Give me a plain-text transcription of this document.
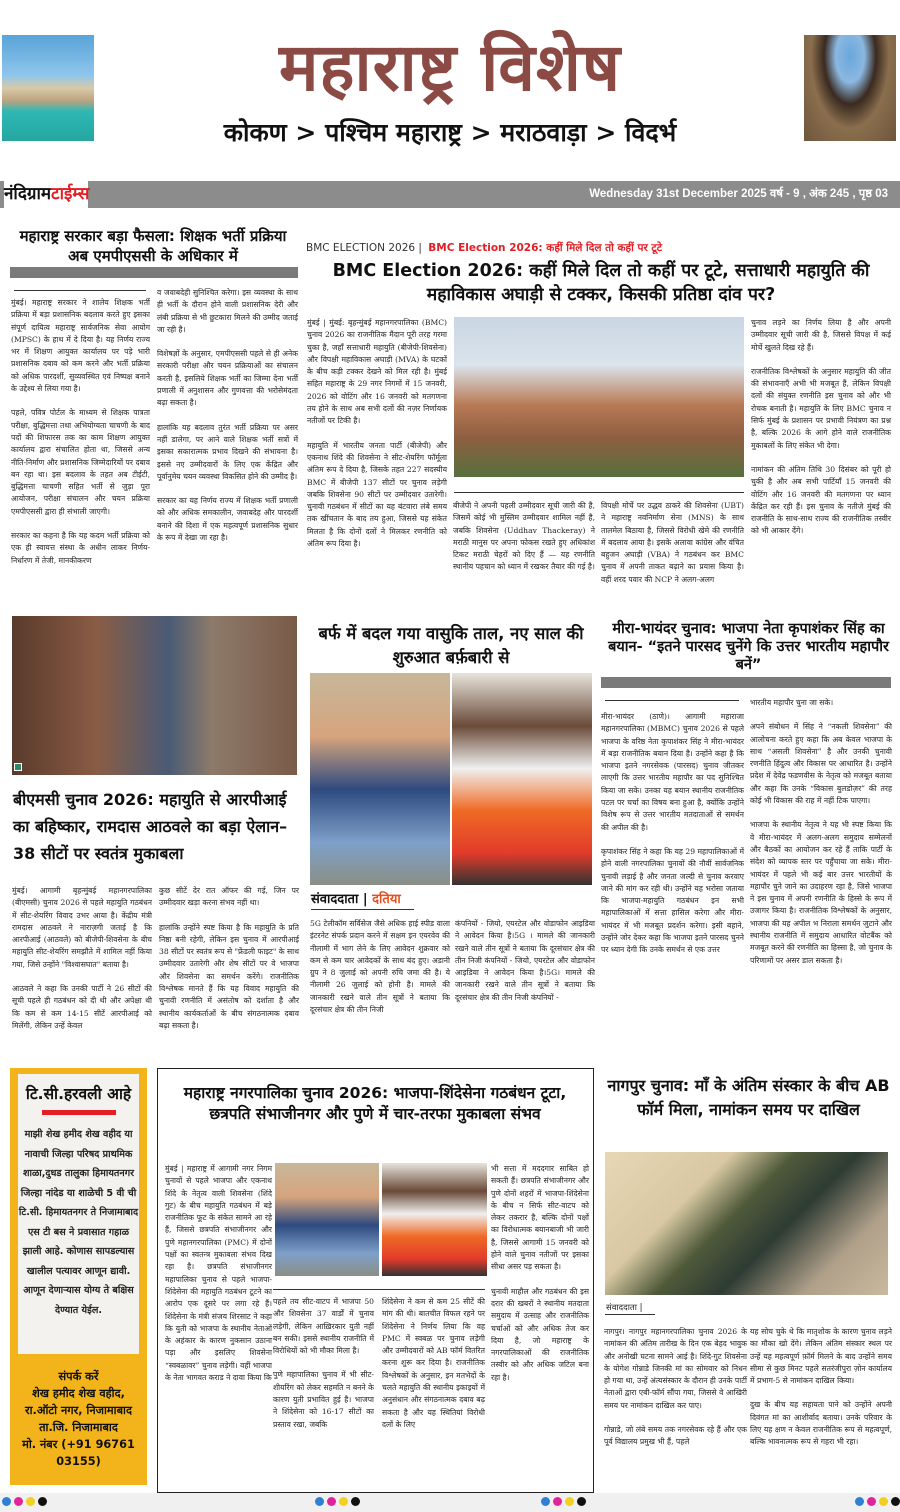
महाराष्ट्र विशेष
कोकण > पश्चिम महाराष्ट्र > मराठवाड़ा > विदर्भ
नंदिग्रामटाईम्स	Wednesday 31st December 2025 वर्ष - 9 , अंक 245 , पृष्ठ 03
महाराष्ट्र सरकार बड़ा फैसला: शिक्षक भर्ती प्रक्रिया अब एमपीएससी के अधिकार में

मुंबई। महाराष्ट्र सरकार ने शालेय शिक्षक भर्ती प्रक्रिया में बड़ा प्रशासनिक बदलाव करते हुए इसका संपूर्ण दायित्व महाराष्ट्र सार्वजनिक सेवा आयोग (MPSC) के हाथ में दे दिया है। यह निर्णय राज्य भर में शिक्षण आयुक्त कार्यालय पर पड़े भारी प्रशासनिक दबाव को कम करने और भर्ती प्रक्रिया को अधिक पारदर्शी, सुव्यवस्थित एवं निष्पक्ष बनाने के उद्देश्य से लिया गया है।

पहले, पवित्र पोर्टल के माध्यम से शिक्षक पात्रता परीक्षा, बुद्धिमत्ता तथा अभियोग्यता चाचणी के बाद पदों की शिफारस तक का काम शिक्षण आयुक्त कार्यालय द्वारा संचालित होता था, जिससे अन्य नीति-निर्माण और प्रशासनिक जिम्मेदारियों पर दबाव बन रहा था। इस बदलाव के तहत अब टीईटी, बुद्धिमत्ता चाचणी सहित भर्ती से जुड़ा पूरा आयोजन, परीक्षा संचालन और चयन प्रक्रिया एमपीएससी द्वारा ही संभाली जाएगी।

सरकार का कहना है कि यह कदम भर्ती प्रक्रिया को एक ही स्वायत्त संस्था के अधीन लाकर निर्णय-निर्धारण में तेजी, मानकीकरण

व जवाबदेही सुनिश्चित करेगा। इस व्यवस्था के साथ ही भर्ती के दौरान होने वाली प्रशासनिक देरी और लंबी प्रक्रिया से भी छुटकारा मिलने की उम्मीद जताई जा रही है।

विशेषज्ञों के अनुसार, एमपीएससी पहले से ही अनेक सरकारी परीक्षा और चयन प्रक्रियाओं का संचालन करती है, इसलिये शिक्षक भर्ती का जिम्मा देना भर्ती प्रणाली में अनुशासन और गुणवत्ता की भरोसेमंदता बढ़ा सकता है।

हालांकि यह बदलाव तुरंत भर्ती प्रक्रिया पर असर नहीं डालेगा, पर आने वाले शिक्षक भर्ती सत्रों में इसका सकारात्मक प्रभाव दिखने की संभावना है। इससे नए उम्मीदवारों के लिए एक केंद्रित और पूर्वानुमेय चयन व्यवस्था विकसित होने की उम्मीद है।

सरकार का यह निर्णय राज्य में शिक्षक भर्ती प्रणाली को और अधिक समकालीन, जवाबदेह और पारदर्शी बनाने की दिशा में एक महत्वपूर्ण प्रशासनिक सुधार के रूप में देखा जा रहा है।

BMC ELECTION 2026 | BMC Election 2026: कहीं मिले दिल तो कहीं पर टूटे
BMC Election 2026: कहीं मिले दिल तो कहीं पर टूटे, सत्ताधारी महायुति की महाविकास अघाड़ी से टक्कर, किसकी प्रतिष्ठा दांव पर?

मुंबई | मुंबई: बृहन्मुंबई महानगरपालिका (BMC) चुनाव 2026 का राजनीतिक मैदान पूरी तरह गरमा चुका है, जहाँ सत्ताधारी महायुति (बीजेपी-शिवसेना) और विपक्षी महाविकास अघाड़ी (MVA) के घटकों के बीच कड़ी टक्कर देखने को मिल रही है। मुंबई सहित महाराष्ट्र के 29 नगर निगमों में 15 जनवरी, 2026 को वोटिंग और 16 जनवरी को मतगणना तय होने के साथ अब सभी दलों की नज़र निर्णायक नतीजों पर टिकी है।

महायुति में भारतीय जनता पार्टी (बीजेपी) और एकनाथ शिंदे की शिवसेना ने सीट-शेयरिंग फॉर्मूला अंतिम रूप दे दिया है, जिसके तहत 227 सदस्यीय BMC में बीजेपी 137 सीटों पर चुनाव लड़ेगी जबकि शिवसेना 90 सीटों पर उम्मीदवार उतारेगी। चुनावी गठबंधन में सीटों का यह बंटवारा लंबे समय तक खींचतान के बाद तय हुआ, जिससे यह संकेत मिलता है कि दोनों दलों ने मिलकर रणनीति को अंतिम रूप दिया है।

बीजेपी ने अपनी पहली उम्मीदवार सूची जारी की है, जिसमें कोई भी मुस्लिम उम्मीदवार शामिल नहीं है, जबकि शिवसेना (Uddhav Thackeray) ने मराठी मानुस पर अपना फोकस रखते हुए अधिकांश टिकट मराठी चेहरों को दिए हैं — यह रणनीति स्थानीय पहचान को ध्यान में रखकर तैयार की गई है।

विपक्षी मोर्चे पर उद्धव ठाकरे की शिवसेना (UBT) ने महाराष्ट्र नवनिर्माण सेना (MNS) के साथ तालमेल बिठाया है, जिससे विरोधी खेमे की रणनीति में बदलाव आया है। इसके अलावा कांग्रेस और वंचित बहुजन अघाड़ी (VBA) ने गठबंधन कर BMC चुनाव में अपनी ताकत बढ़ाने का प्रयास किया है। वहीं शरद पवार की NCP ने अलग-अलग

चुनाव लड़ने का निर्णय लिया है और अपनी उम्मीदवार सूची जारी की है, जिससे विपक्ष में कई मोर्चे खुलते दिख रहे हैं।

राजनीतिक विश्लेषकों के अनुसार महायुति की जीत की संभावनाएँ अभी भी मजबूत हैं, लेकिन विपक्षी दलों की संयुक्त रणनीति इस चुनाव को और भी रोचक बनाती है। महायुति के लिए BMC चुनाव न सिर्फ मुंबई के प्रशासन पर प्रभावी नियंत्रण का प्रश्न है, बल्कि 2026 के आगे होने वाले राजनीतिक मुकाबलों के लिए संकेत भी देगा।

नामांकन की अंतिम तिथि 30 दिसंबर को पूरी हो चुकी है और अब सभी पार्टियाँ 15 जनवरी की वोटिंग और 16 जनवरी की मतगणना पर ध्यान केंद्रित कर रही हैं। इस चुनाव के नतीजे मुंबई की राजनीति के साथ-साथ राज्य की राजनीतिक तस्वीर को भी आकार देंगे।

बीएमसी चुनाव 2026: महायुति से आरपीआई का बहिष्कार, रामदास आठवले का बड़ा ऐलान– 38 सीटों पर स्वतंत्र मुकाबला

मुंबई। आगामी बृहन्मुंबई महानगरपालिका (बीएमसी) चुनाव 2026 से पहले महायुति गठबंधन में सीट-शेयरिंग विवाद उभर आया है। केंद्रीय मंत्री रामदास आठवले ने नाराज़गी जताई है कि आरपीआई (आठवले) को बीजेपी-शिवसेना के बीच महायुति सीट-शेयरिंग समझौते में शामिल नहीं किया गया, जिसे उन्होंने "विश्वासघात" बताया है।

आठवले ने कहा कि उनकी पार्टी ने 26 सीटों की सूची पहले ही गठबंधन को दी थी और अपेक्षा थी कि कम से कम 14-15 सीटें आरपीआई को मिलेंगी, लेकिन उन्हें केवल

कुछ सीटें देर रात ऑफर की गई, जिन पर उम्मीदवार खड़ा करना संभव नहीं था।

हालांकि उन्होंने स्पष्ट किया है कि महायुति के प्रति निष्ठा बनी रहेगी, लेकिन इस चुनाव में आरपीआई 38 सीटों पर स्वतंत्र रूप से "फ्रेंडली फाइट" के साथ उम्मीदवार उतारेगी और शेष सीटों पर वे भाजपा और शिवसेना का समर्थन करेंगे। राजनीतिक विश्लेषक मानते हैं कि यह विवाद महायुति की चुनावी रणनीति में असंतोष को दर्शाता है और स्थानीय कार्यकर्ताओं के बीच संगठनात्मक दबाव बढ़ा सकता है।

बर्फ में बदल गया वासुकि ताल, नए साल की शुरुआत बर्फ़बारी से
संवाददाता | दतिया

5G टेलीकॉम सर्विसेज जैसे अधिक हाई स्पीड वाला इंटरनेट संपर्क प्रदान करने में सक्षम इन एयरवेव की नीलामी में भाग लेने के लिए आवेदन शुक्रवार को कम से कम चार आवेदकों के साथ बंद हुए। अडानी ग्रुप ने 8 जुलाई को अपनी रुचि जमा की है। ये नीलामी 26 जुलाई को होनी है। मामले की जानकारी रखने वाले तीन सूत्रों ने बताया कि दूरसंचार क्षेत्र की तीन निजी

कंपनियों - जियो, एयरटेल और वोडाफोन आइडिया ने आवेदन किया है।5G । मामले की जानकारी रखने वाले तीन सूत्रों ने बताया कि दूरसंचार क्षेत्र की तीन निजी कंपनियों - जियो, एयरटेल और वोडाफोन आइडिया ने आवेदन किया है।5G। मामले की जानकारी रखने वाले तीन सूत्रों ने बताया कि दूरसंचार क्षेत्र की तीन निजी कंपनियों -

मीरा-भायंदर चुनाव: भाजपा नेता कृपाशंकर सिंह का बयान- “इतने पारसद चुनेंगे कि उत्तर भारतीय महापौर बनें”

मीरा-भायंदर (ठाणे)। आगामी महाराजा महानगरपालिका (MBMC) चुनाव 2026 से पहले भाजपा के वरिष्ठ नेता कृपाशंकर सिंह ने मीरा-भायंदर में बड़ा राजनीतिक बयान दिया है। उन्होंने कहा है कि भाजपा इतने नगरसेवक (पारसद) चुनाव जीतकर लाएगी कि उत्तर भारतीय महापौर का पद सुनिश्चित किया जा सके। उनका यह बयान स्थानीय राजनीतिक पटल पर चर्चा का विषय बना हुआ है, क्योंकि उन्होंने विशेष रूप से उत्तर भारतीय मतदाताओं से समर्थन की अपील की है।

कृपाशंकर सिंह ने कहा कि यह 29 महापालिकाओं में होने वाली नगरपालिका चुनावों की नौवीं सार्वजनिक चुनावी लड़ाई है और जनता जल्दी से चुनाव करवाए जाने की मांग कर रही थी। उन्होंने यह भरोसा जताया कि भाजपा-महायुति गठबंधन इन सभी महापालिकाओं में सत्ता हासिल करेगा और मीरा-भायंदर में भी मजबूत प्रदर्शन करेगा। इसी बहाने, उन्होंने जोर देकर कहा कि भाजपा इतने पारसद चुनने पर ध्यान देगी कि उनके समर्थन से एक उत्तर

भारतीय महापौर चुना जा सके।

अपने संबोधन में सिंह ने “नकली शिवसेना” की आलोचना करते हुए कहा कि अब केवल भाजपा के साथ “असली शिवसेना” है और उनकी चुनावी रणनीति हिंदुत्व और विकास पर आधारित है। उन्होंने प्रदेश में देवेंद्र फडणवीस के नेतृत्व को मजबूत बताया और कहा कि उनके “विकास बुलडोज़र” की तरह कोई भी विकास की राह में नहीं टिक पाएगा।

भाजपा के स्थानीय नेतृत्व ने यह भी स्पष्ट किया कि वे मीरा-भायंदर में अलग-अलग समुदाय सम्मेलनों और बैठकों का आयोजन कर रहे हैं ताकि पार्टी के संदेश को व्यापक स्तर पर पहुँचाया जा सके। मीरा-भायंदर में पहले भी कई बार उत्तर भारतीयों के महापौर चुने जाने का उदाहरण रहा है, जिसे भाजपा ने इस चुनाव में अपनी रणनीति के हिस्से के रूप में उजागर किया है। राजनीतिक विश्लेषकों के अनुसार, भाजपा की यह अपील भ निराला समर्थन जुटाने और स्थानीय राजनीति में समुदाय आधारित वोटबैंक को मजबूत करने की रणनीति का हिस्सा है, जो चुनाव के परिणामों पर असर डाल सकता है।

टि.सी.हरवली आहे
माझी शेख हमीद शेख वहीद या नावाची जिल्हा परिषद प्राथमिक शाळा,दुधड तालुका हिमायतनगर जिल्हा नांदेड या शाळेची 5 वी ची टि.सी. हिमायतनगर ते निजामाबाद एस टी बस ने प्रवासात गहाळ झाली आहे. कोणास सापडल्यास खालील पत्यावर आणून द्यावी. आणून देणाऱ्यास योग्य ते बक्षिस देण्यात येईल.
संपर्क करें
शेख हमीद शेख वहीद,
रा.ऑटो नगर, निजामाबाद
ता.जि. निजामाबाद
मो. नंबर (+91 96761 03155)
महाराष्ट्र नगरपालिका चुनाव 2026: भाजपा-शिंदेसेना गठबंधन टूटा, छत्रपति संभाजीनगर और पुणे में चार-तरफा मुकाबला संभव

मुंबई | महाराष्ट्र में आगामी नगर निगम चुनावों से पहले भाजपा और एकनाथ शिंदे के नेतृत्व वाली शिवसेना (शिंदे गुट) के बीच महायुति गठबंधन में बड़े राजनीतिक फूट के संकेत सामने आ रहे हैं, जिससे छत्रपति संभाजीनगर और पुणे महानगरपालिका (PMC) में दोनों पक्षों का स्वतन्त्र मुकाबला संभव दिख रहा है। छत्रपति संभाजीनगर महापालिका चुनाव से पहले भाजपा-शिंदेसेना की महायुति गठबंधन टूटने का आरोप एक दूसरे पर लगा रहे हैं। शिंदेसेना के मंत्री संजय शिरसाट ने कहा कि युती को भाजपा के स्थानीय नेताओं के अहंकार के कारण नुकसान उठाना पड़ा और इसलिए शिवसेना “स्वबळावर” चुनाव लड़ेगी। वहीं भाजपा के नेता भागवत कराड ने दावा किया कि

पहले तय सीट-वाटप में भाजपा 50 और शिवसेना 37 वार्डों में चुनाव लड़ेगी, लेकिन आख़िरकार युती नहीं बन सकी। इससे स्थानीय राजनीति में विरोधियों को भी मौका मिला है।

पुणे महापालिका चुनाव में भी सीट-शीयरिंग को लेकर सहमति न बनने के कारण युती प्रभावित हुई है। भाजपा ने शिंदेसेना को 16-17 सीटों का प्रस्ताव रखा, जबकि

शिंदेसेना ने कम से कम 25 सीटें की मांग की थी। बातचीत विफल रहने पर शिंदेसेना ने निर्णय लिया कि वह PMC में स्वबळ पर चुनाव लड़ेगी और उम्मीदवारों को AB फॉर्म वितरित करना शुरू कर दिया है। राजनीतिक विश्लेषकों के अनुसार, इन मतभेदों के चलते महायुति की स्थानीय इकाइयों में अनुसंधान और संगठनात्मक दबाव बढ़ सकता है और यह स्थितियां विरोधी दलों के लिए

भी सत्ता में मददगार साबित हो सकती हैं। छत्रपति संभाजीनगर और पुणे दोनों शहरों में भाजपा-शिंदेसेना के बीच न सिर्फ सीट-वाटप को लेकर तकरार है, बल्कि दोनों पक्षों का विरोधात्मक बयानबाजी भी जारी है, जिससे आगामी 15 जनवरी को होने वाले चुनाव नतीजों पर इसका सीधा असर पड़ सकता है।

चुनावी माहौल और गठबंधन की इस दरार की खबरों ने स्थानीय मतदाता समुदाय में उत्साह और राजनीतिक चर्चाओं को और अधिक तेज कर दिया है, जो महाराष्ट्र के नगरपालिकाओं की राजनीतिक तस्वीर को और अधिक जटिल बना रहा है।

नागपुर चुनाव: माँ के अंतिम संस्कार के बीच AB फॉर्म मिला, नामांकन समय पर दाखिल
संवाददाता |

नागपुर। नागपुर महानगरपालिका चुनाव 2026 के नामांकन की अंतिम तारीख के दिन एक बेहद भावुक और अनोखी घटना सामने आई है। शिंदे-गुट शिवसेना के योगेश गोन्नाडे जिनकी मां का सोमवार को निधन हो गया था, उन्हें अंत्यसंस्कार के दौरान ही उनके पार्टी नेताओं द्वारा एबी-फॉर्म सौंपा गया, जिससे वे आखिरी समय पर नामांकन दाखिल कर पाए।

गोन्नाडे, जो लंबे समय तक नगरसेवक रहे हैं और एक पूर्व विद्यालय प्रमुख भी हैं, पहले

यह सोच चुके थे कि मातृशोक के कारण चुनाव लड़ने का मौका खो देंगे। लेकिन अंतिम संस्कार स्थल पर उन्हें यह महत्वपूर्ण फ़ॉर्म मिलने के बाद उन्होंने समय सीमा से कुछ मिनट पहले सतरंजीपुरा ज़ोन कार्यालय में प्रभाग-5 से नामांकन दाखिल किया।

दुख के बीच यह सहायता पाने को उन्होंने अपनी दिवंगत मां का आशीर्वाद बताया। उनके परिवार के लिए यह क्षण न केवल राजनीतिक रूप से महत्वपूर्ण, बल्कि भावनात्मक रूप से गहरा भी रहा।
